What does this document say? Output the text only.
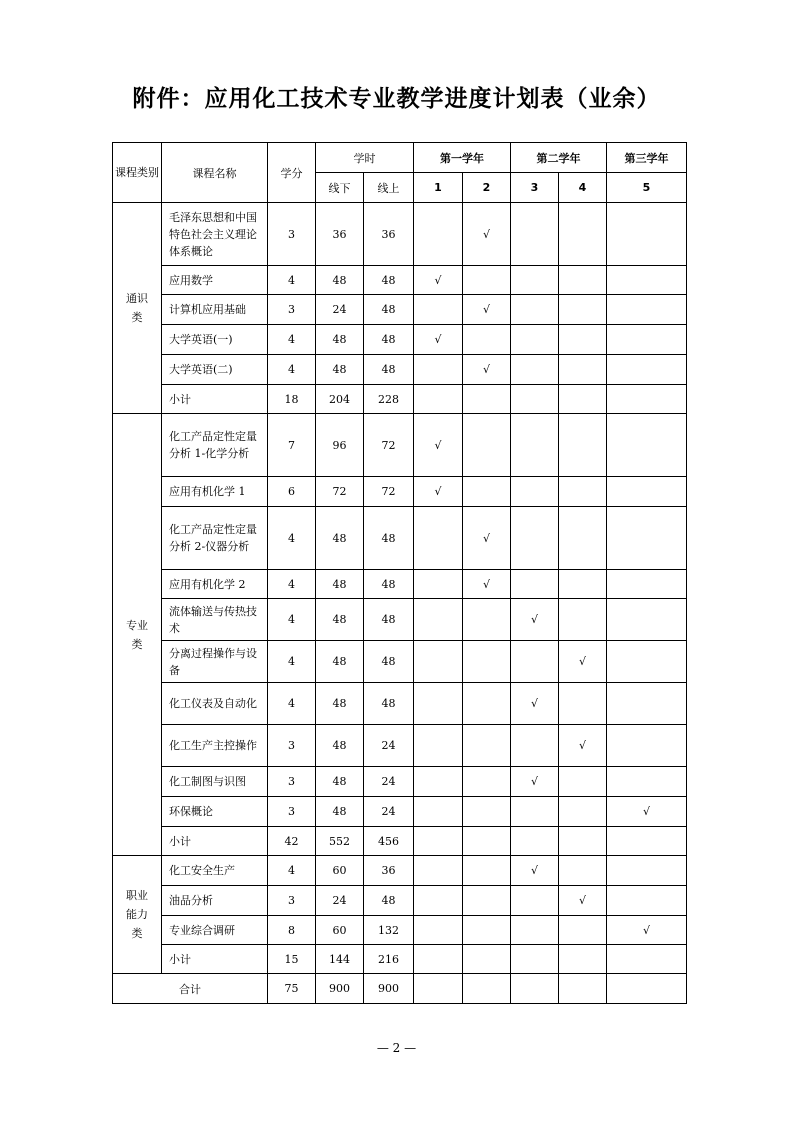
附件：应用化工技术专业教学进度计划表（业余）
课程类别	课程名称	学分	学时		第一学年		第二学年		第三学年
			线下	线上	1	2	3	4	5
通识类	毛泽东思想和中国特色社会主义理论体系概论	3	36	36		√			
	应用数学	4	48	48	√				
	计算机应用基础	3	24	48		√			
	大学英语(一)	4	48	48	√				
	大学英语(二)	4	48	48		√			
	小计	18	204	228					
专业类	化工产品定性定量分析 1-化学分析	7	96	72	√				
	应用有机化学 1	6	72	72	√				
	化工产品定性定量分析 2-仪器分析	4	48	48		√			
	应用有机化学 2	4	48	48		√			
	流体输送与传热技术	4	48	48			√		
	分离过程操作与设备	4	48	48				√	
	化工仪表及自动化	4	48	48			√		
	化工生产主控操作	3	48	24				√	
	化工制图与识图	3	48	24			√		
	环保概论	3	48	24					√
	小计	42	552	456					
职业能力类	化工安全生产	4	60	36			√		
	油品分析	3	24	48				√	
	专业综合调研	8	60	132					√
	小计	15	144	216					
合计		75	900	900					
— 2 —
